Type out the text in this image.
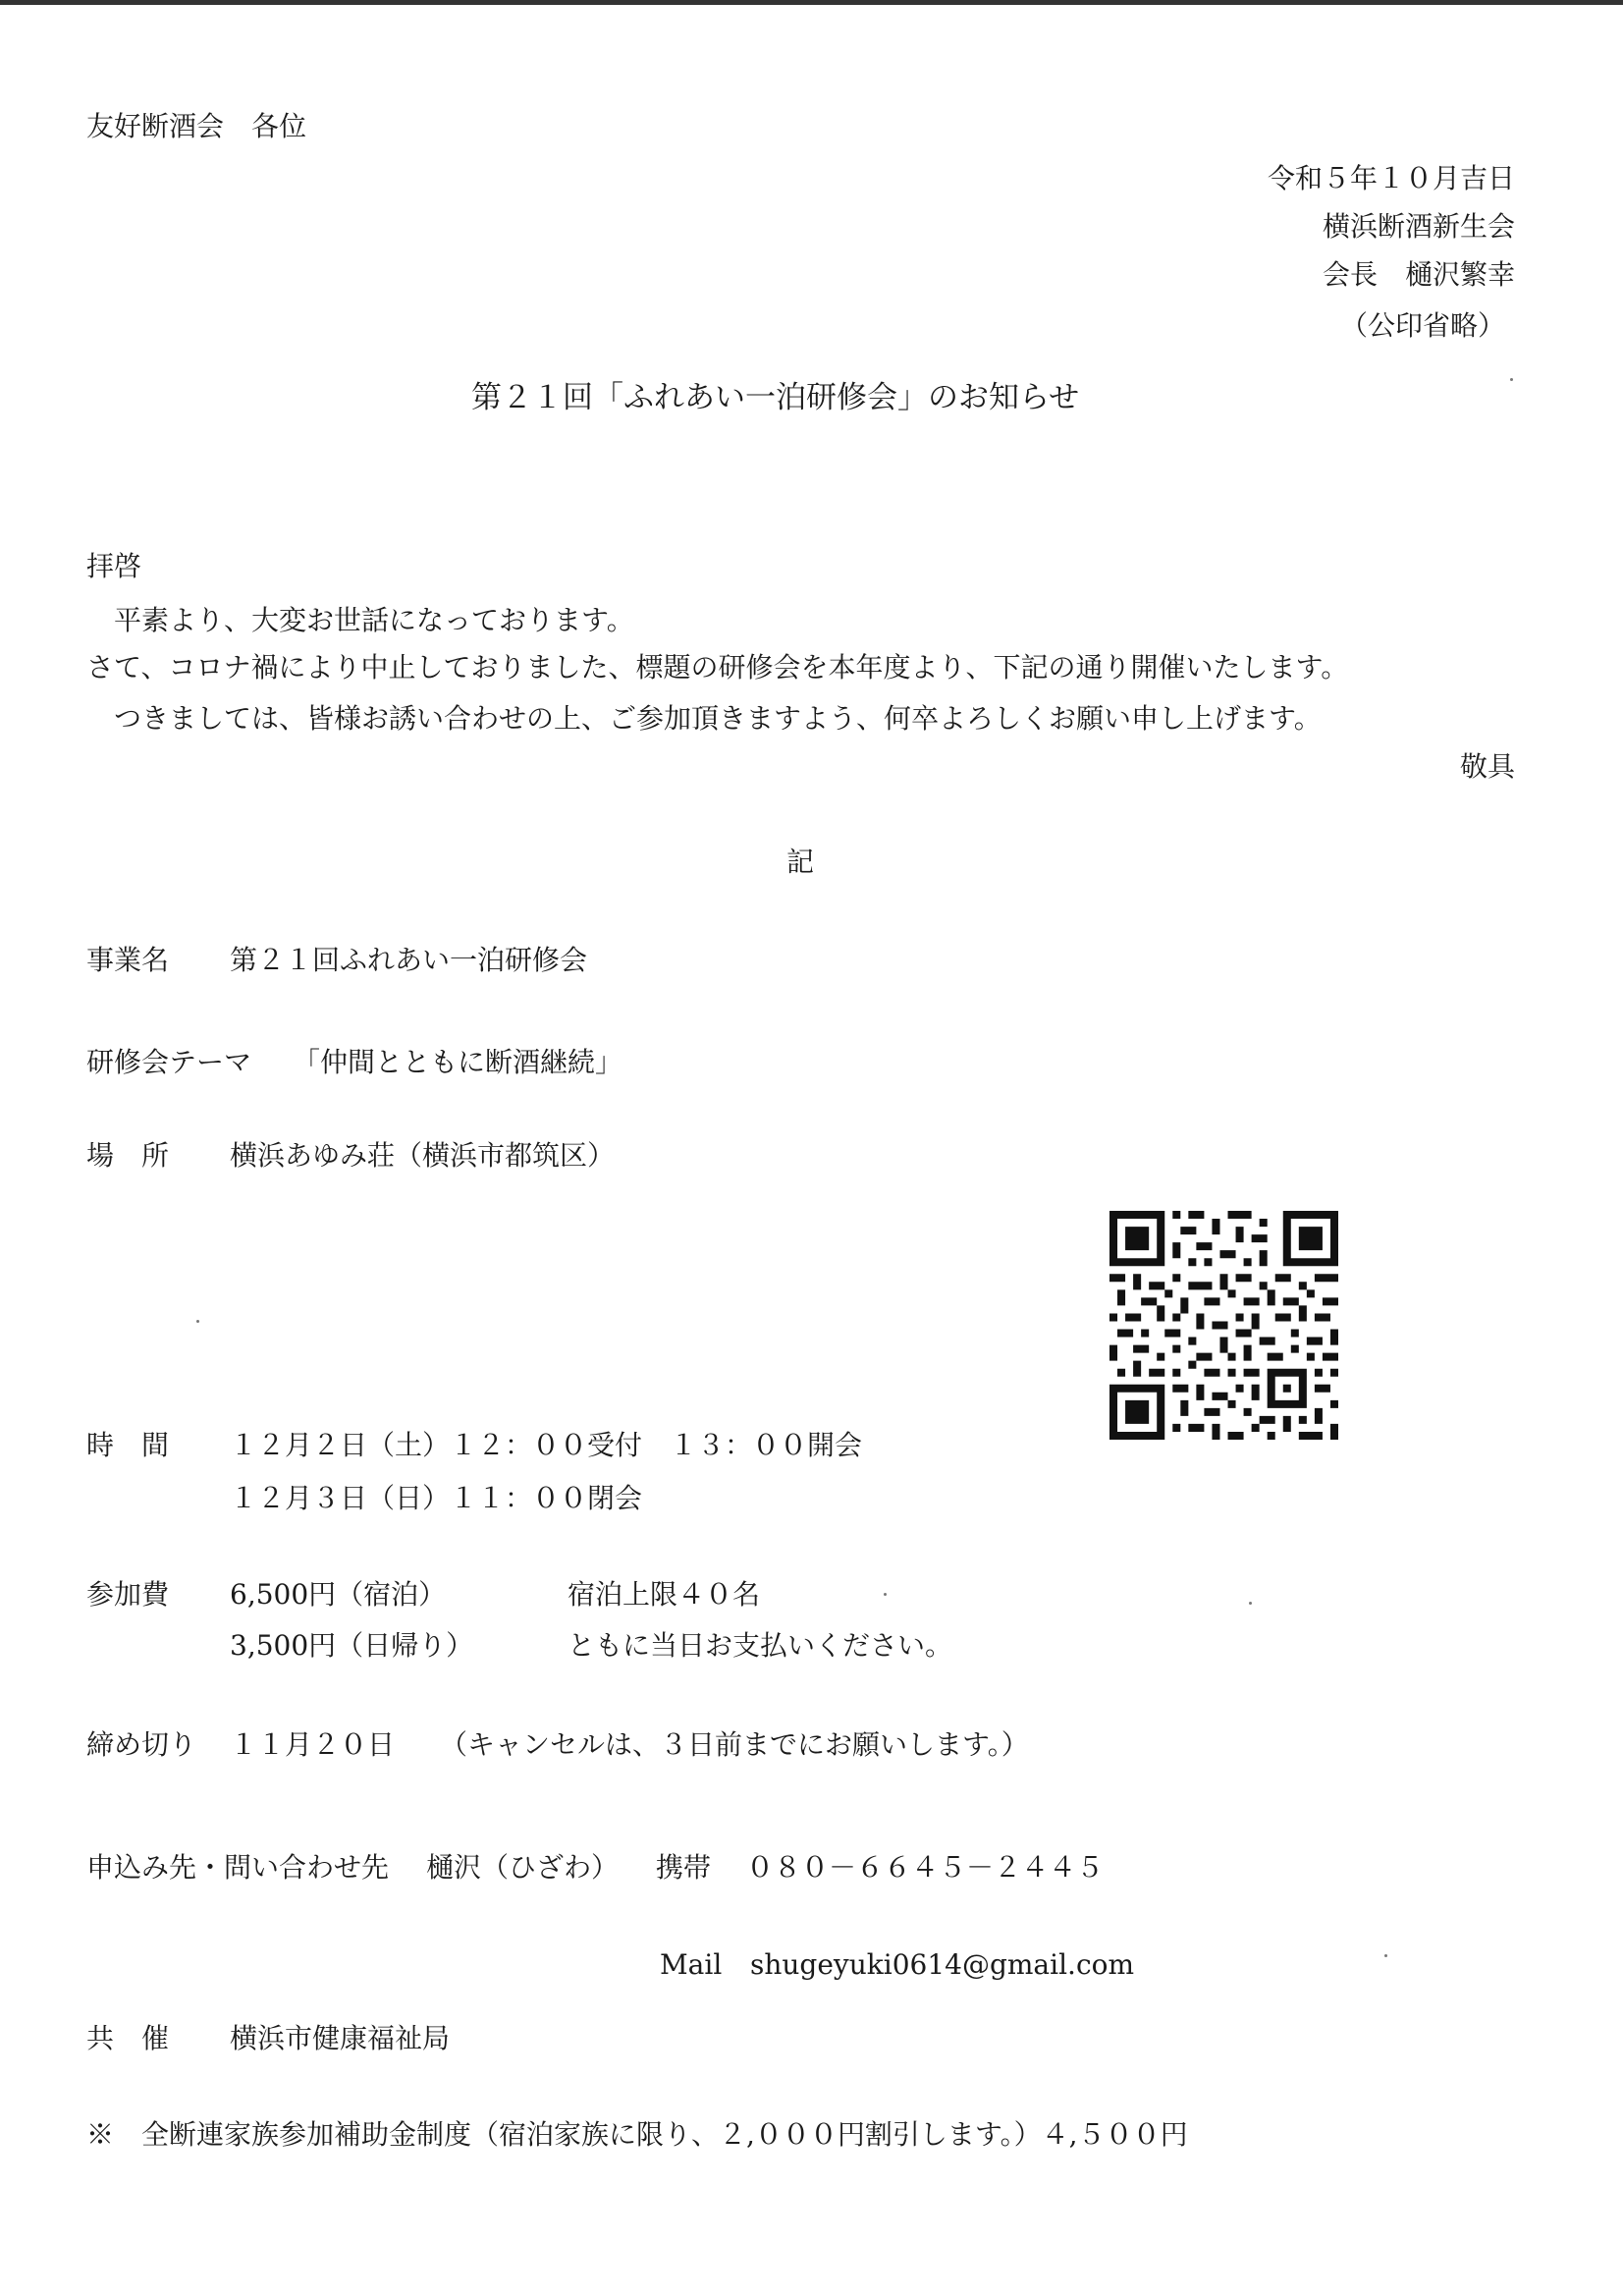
友好断酒会　各位
令和５年１０月吉日
横浜断酒新生会
会長　樋沢繁幸
（公印省略）
第２１回「ふれあい一泊研修会」のお知らせ
拝啓
　平素より、大変お世話になっております。
さて、コロナ禍により中止しておりました、標題の研修会を本年度より、下記の通り開催いたします。
　つきましては、皆様お誘い合わせの上、ご参加頂きますよう、何卒よろしくお願い申し上げます。
敬具
記
事業名 第２１回ふれあい一泊研修会
研修会テーマ 「仲間とともに断酒継続」
場　所 横浜あゆみ荘（横浜市都筑区）
時　間 １２月２日（土）１２：００受付　１３：００開会
１２月３日（日）１１：００閉会
参加費 6,500円（宿泊）	宿泊上限４０名
3,500円（日帰り）	ともに当日お支払いください。
締め切り １１月２０日 （キャンセルは、３日前までにお願いします。）
申込み先・問い合わせ先 樋沢（ひざわ） 携帯 ０８０－６６４５－２４４５
Mail shugeyuki0614@gmail.com
共　催 横浜市健康福祉局
※　全断連家族参加補助金制度（宿泊家族に限り、２,０００円割引します。）４,５００円
